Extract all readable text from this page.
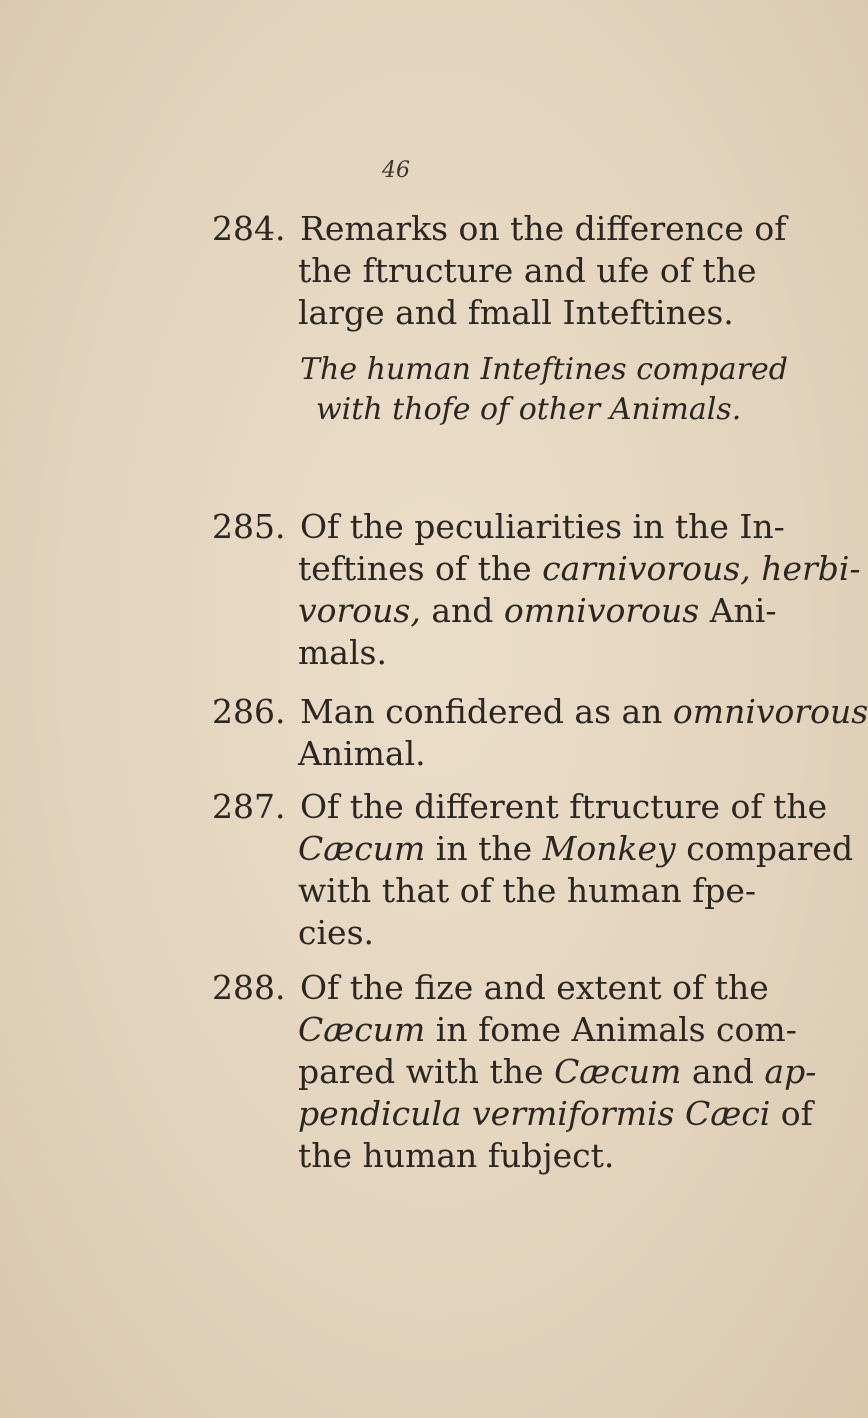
46
284. Remarks on the difference of
the ftructure and ufe of the
large and fmall Inteftines.
The human Inteftines compared
with thofe of other Animals.
285. Of the peculiarities in the In-
teftines of the carnivorous, herbi-
vorous, and omnivorous Ani-
mals.
286. Man confidered as an omnivorous
Animal.
287. Of the different ftructure of the
Cæcum in the Monkey compared
with that of the human fpe-
cies.
288. Of the fize and extent of the
Cæcum in fome Animals com-
pared with the Cæcum and ap-
pendicula vermiformis Cæci of
the human fubject.
